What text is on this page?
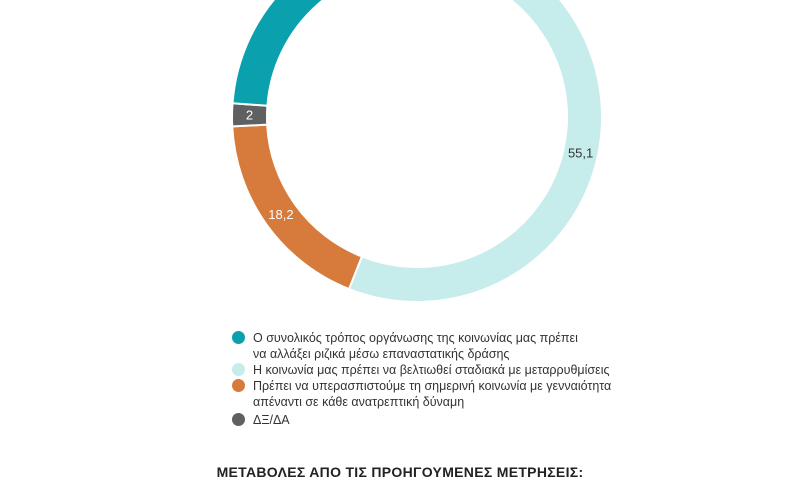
55,1
18,2
2
Ο συνολικός τρόπος οργάνωσης της κοινωνίας μας πρέπει
να αλλάξει ριζικά μέσω επαναστατικής δράσης
Η κοινωνία μας πρέπει να βελτιωθεί σταδιακά με μεταρρυθμίσεις
Πρέπει να υπερασπιστούμε τη σημερινή κοινωνία με γενναιότητα
απέναντι σε κάθε ανατρεπτική δύναμη
ΔΞ/ΔΑ
ΜΕΤΑΒΟΛΕΣ ΑΠΟ ΤΙΣ ΠΡΟΗΓΟΥΜΕΝΕΣ ΜΕΤΡΗΣΕΙΣ:
